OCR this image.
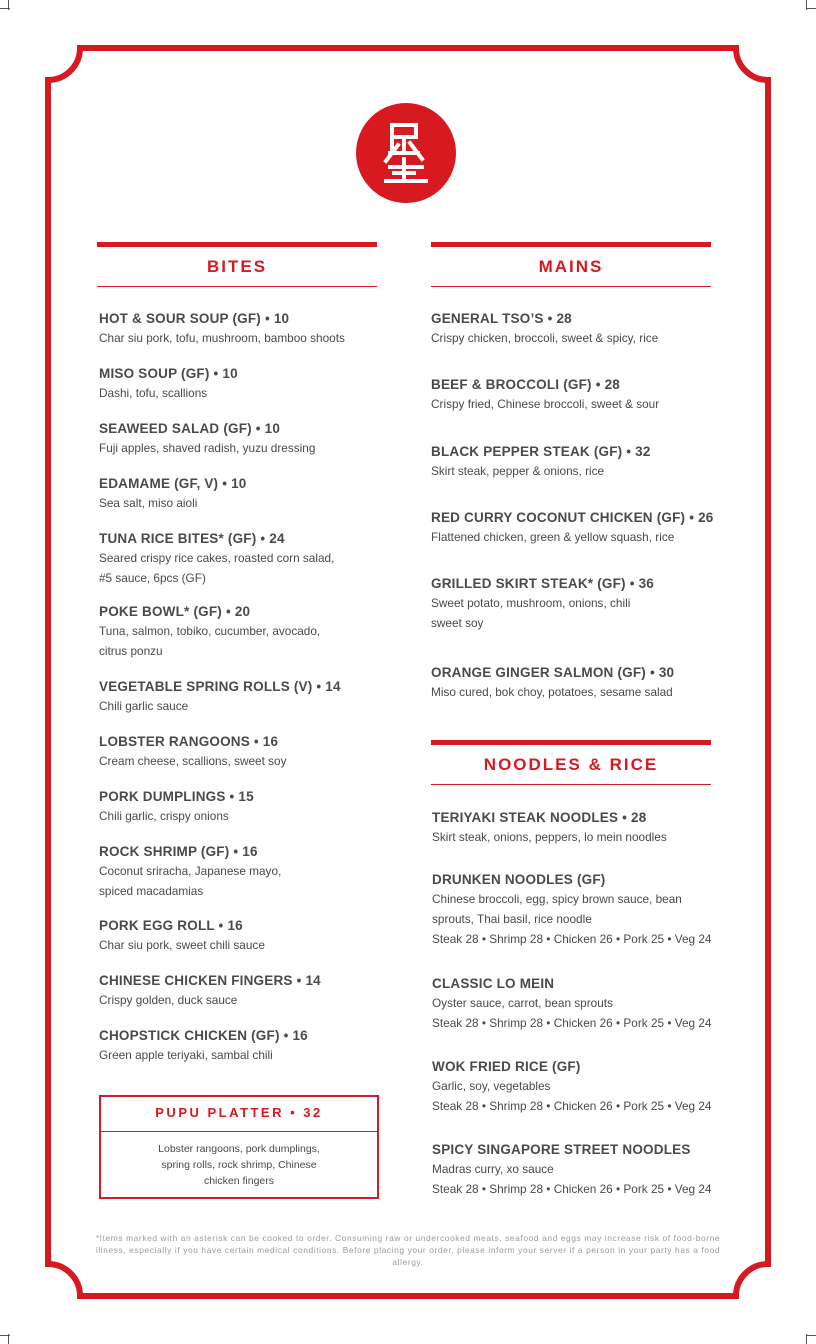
BITES
HOT & SOUR SOUP (GF) • 10
Char siu pork, tofu, mushroom, bamboo shoots
MISO SOUP (GF) • 10
Dashi, tofu, scallions
SEAWEED SALAD (GF) • 10
Fuji apples, shaved radish, yuzu dressing
EDAMAME (GF, V) • 10
Sea salt, miso aioli
TUNA RICE BITES* (GF) • 24
Seared crispy rice cakes, roasted corn salad,
#5 sauce, 6pcs (GF)
POKE BOWL* (GF) • 20
Tuna, salmon, tobiko, cucumber, avocado,
citrus ponzu
VEGETABLE SPRING ROLLS (V) • 14
Chili garlic sauce
LOBSTER RANGOONS • 16
Cream cheese, scallions, sweet soy
PORK DUMPLINGS • 15
Chili garlic, crispy onions
ROCK SHRIMP (GF) • 16
Coconut sriracha, Japanese mayo,
spiced macadamias
PORK EGG ROLL • 16
Char siu pork, sweet chili sauce
CHINESE CHICKEN FINGERS • 14
Crispy golden, duck sauce
CHOPSTICK CHICKEN (GF) • 16
Green apple teriyaki, sambal chili
PUPU PLATTER • 32
Lobster rangoons, pork dumplings,
spring rolls, rock shrimp, Chinese
chicken fingers
MAINS
GENERAL TSO’S • 28
Crispy chicken, broccoli, sweet & spicy, rice
BEEF & BROCCOLI (GF) • 28
Crispy fried, Chinese broccoli, sweet & sour
BLACK PEPPER STEAK (GF) • 32
Skirt steak, pepper & onions, rice
RED CURRY COCONUT CHICKEN (GF) • 26
Flattened chicken, green & yellow squash, rice
GRILLED SKIRT STEAK* (GF) • 36
Sweet potato, mushroom, onions, chili
sweet soy
ORANGE GINGER SALMON (GF) • 30
Miso cured, bok choy, potatoes, sesame salad
NOODLES & RICE
TERIYAKI STEAK NOODLES • 28
Skirt steak, onions, peppers, lo mein noodles
DRUNKEN NOODLES (GF)
Chinese broccoli, egg, spicy brown sauce, bean
sprouts, Thai basil, rice noodle
Steak 28 • Shrimp 28 • Chicken 26 • Pork 25 • Veg 24
CLASSIC LO MEIN
Oyster sauce, carrot, bean sprouts
Steak 28 • Shrimp 28 • Chicken 26 • Pork 25 • Veg 24
WOK FRIED RICE (GF)
Garlic, soy, vegetables
Steak 28 • Shrimp 28 • Chicken 26 • Pork 25 • Veg 24
SPICY SINGAPORE STREET NOODLES
Madras curry, xo sauce
Steak 28 • Shrimp 28 • Chicken 26 • Pork 25 • Veg 24
*Items marked with an asterisk can be cooked to order. Consuming raw or undercooked meats, seafood and eggs may increase risk of food-borne illness, especially if you have certain medical conditions. Before placing your order, please inform your server if a person in your party has a food allergy.
